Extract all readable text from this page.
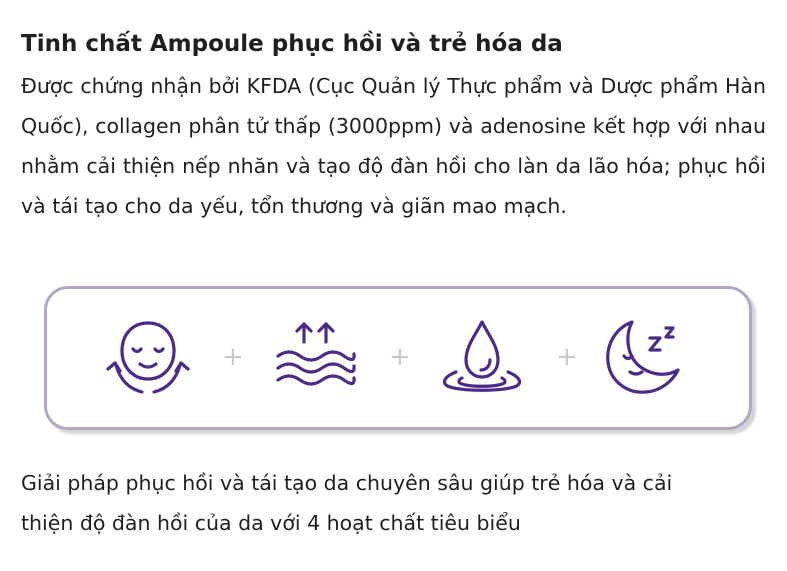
Tinh chất Ampoule phục hồi và trẻ hóa da
Được chứng nhận bởi KFDA (Cục Quản lý Thực phẩm và Dược phẩm Hàn Quốc), collagen phân tử thấp (3000ppm) và adenosine kết hợp với nhau nhằm cải thiện nếp nhăn và tạo độ đàn hồi cho làn da lão hóa; phục hồi và tái tạo cho da yếu, tổn thương và giãn mao mạch.
+	+	+
Giải pháp phục hồi và tái tạo da chuyên sâu giúp trẻ hóa và cải
thiện độ đàn hồi của da với 4 hoạt chất tiêu biểu
